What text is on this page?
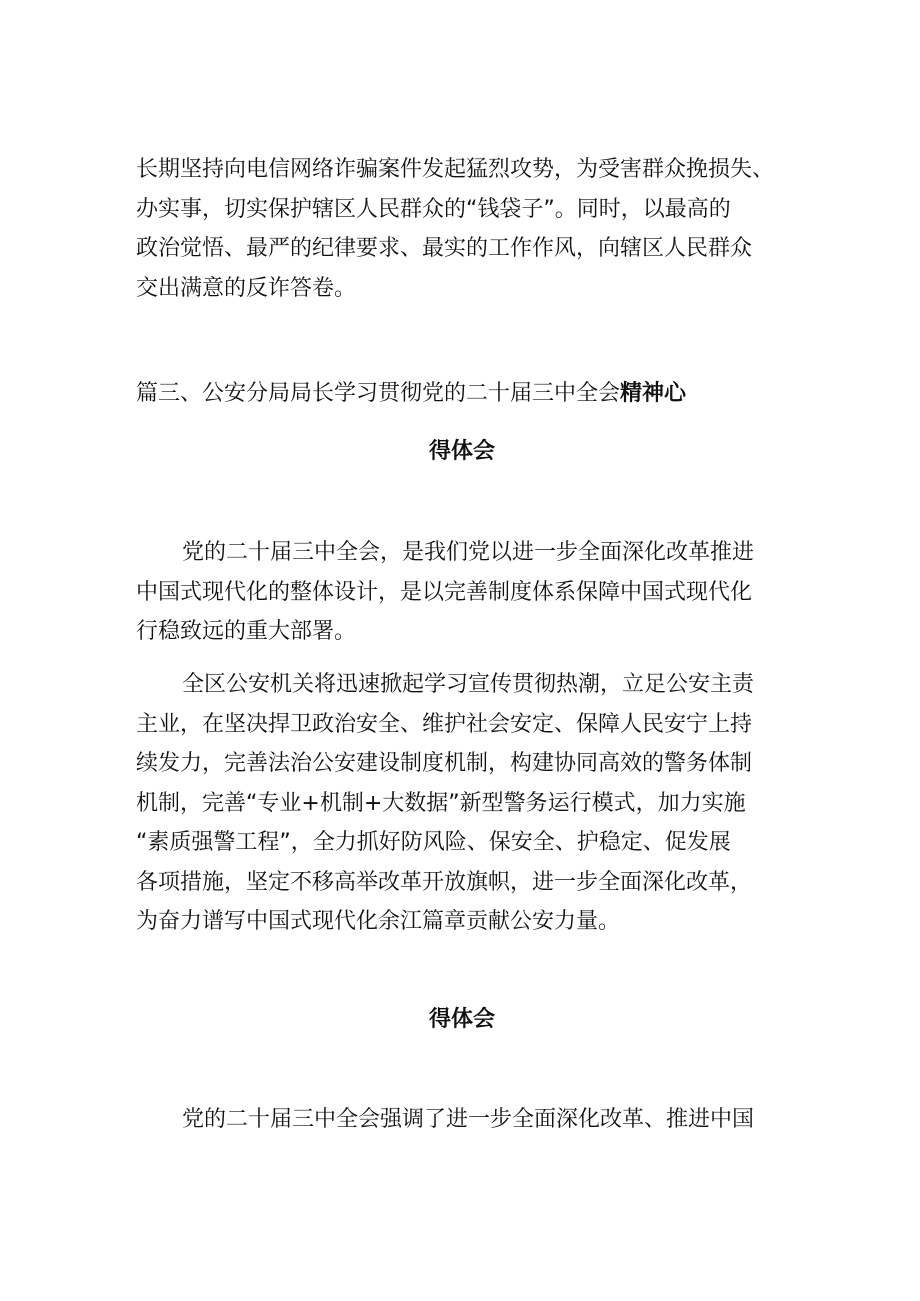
长期坚持向电信网络诈骗案件发起猛烈攻势，为受害群众挽损失、
办实事，切实保护辖区人民群众的“钱袋子”。同时，以最高的
政治觉悟、最严的纪律要求、最实的工作作风，向辖区人民群众
交出满意的反诈答卷。
篇三、公安分局局长学习贯彻党的二十届三中全会精神心
得体会
党的二十届三中全会，是我们党以进一步全面深化改革推进
中国式现代化的整体设计，是以完善制度体系保障中国式现代化
行稳致远的重大部署。
全区公安机关将迅速掀起学习宣传贯彻热潮，立足公安主责
主业，在坚决捍卫政治安全、维护社会安定、保障人民安宁上持
续发力，完善法治公安建设制度机制，构建协同高效的警务体制
机制，完善“专业+机制+大数据”新型警务运行模式，加力实施
“素质强警工程”，全力抓好防风险、保安全、护稳定、促发展
各项措施，坚定不移高举改革开放旗帜，进一步全面深化改革，
为奋力谱写中国式现代化余江篇章贡献公安力量。
得体会
党的二十届三中全会强调了进一步全面深化改革、推进中国
